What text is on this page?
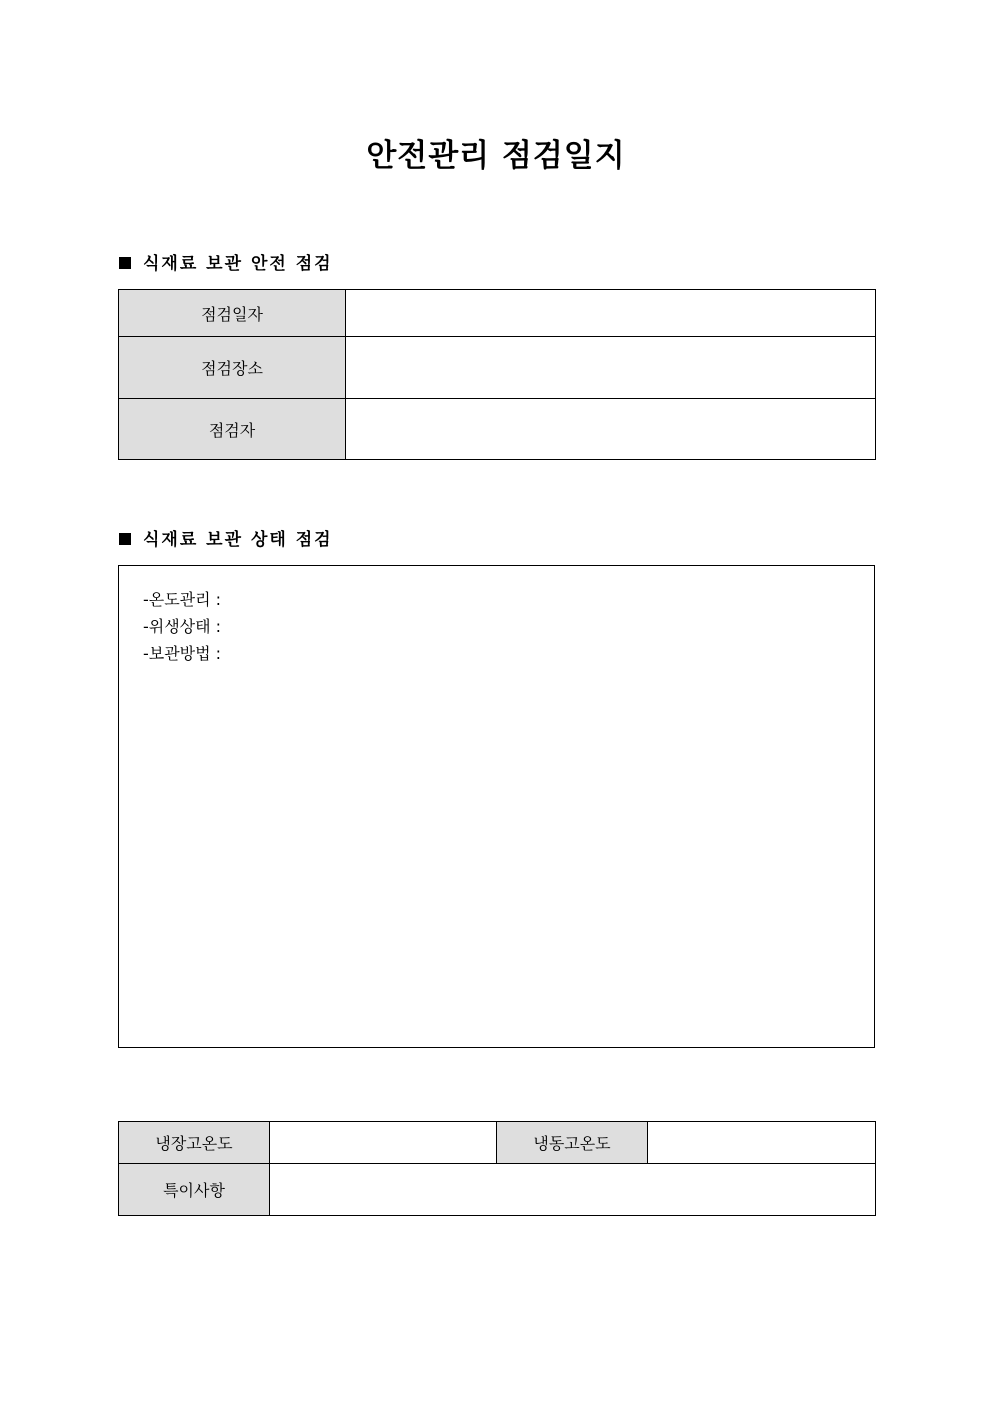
안전관리 점검일지
식재료 보관 안전 점검
점검일자	
점검장소	
점검자	
식재료 보관 상태 점검
-온도관리 :
-위생상태 :
-보관방법 :
냉장고온도		냉동고온도	
특이사항			
